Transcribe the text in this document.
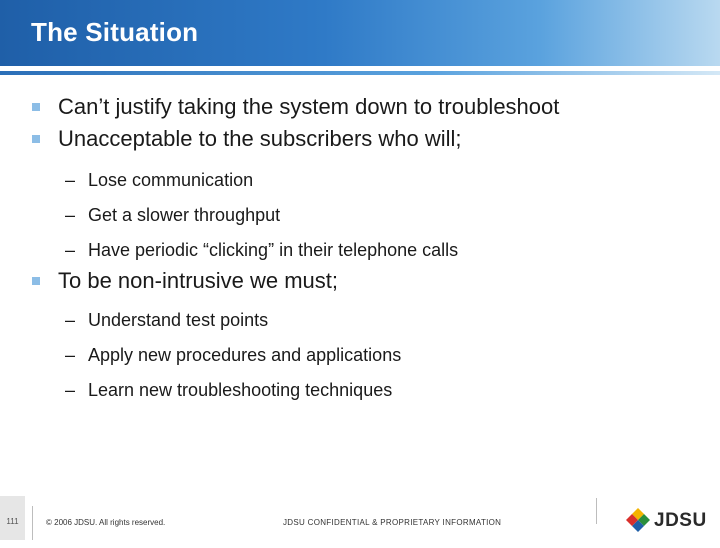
The Situation
Can’t justify taking the system down to troubleshoot
Unacceptable to the subscribers who will;
– Lose communication
– Get a slower throughput
– Have periodic “clicking” in their telephone calls
To be non-intrusive we must;
– Understand test points
– Apply new procedures and applications
– Learn new troubleshooting techniques
111	© 2006 JDSU. All rights reserved.	JDSU CONFIDENTIAL & PROPRIETARY INFORMATION	JDSU
